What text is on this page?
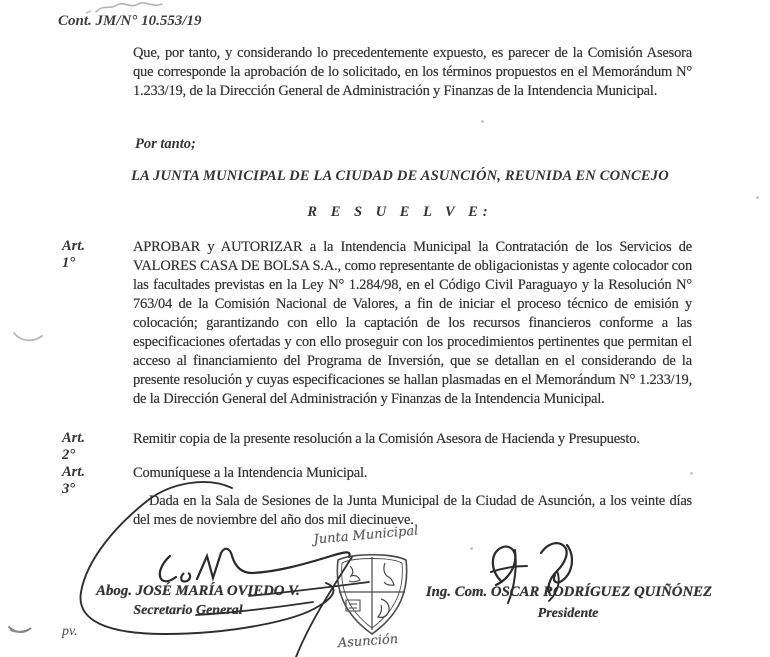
Cont. JM/N° 10.553/19
Que, por tanto, y considerando lo precedentemente expuesto, es parecer de la Comisión Asesora que corresponde la aprobación de lo solicitado, en los términos propuestos en el Memorándum N° 1.233/19, de la Dirección General de Administración y Finanzas de la Intendencia Municipal.
Por tanto;
LA JUNTA MUNICIPAL DE LA CIUDAD DE ASUNCIÓN, REUNIDA EN CONCEJO
R E S U E L V E:
Art. 1°
APROBAR y AUTORIZAR a la Intendencia Municipal la Contratación de los Servicios de VALORES CASA DE BOLSA S.A., como representante de obligacionistas y agente colocador con las facultades previstas en la Ley N° 1.284/98, en el Código Civil Paraguayo y la Resolución N° 763/04 de la Comisión Nacional de Valores, a fin de iniciar el proceso técnico de emisión y colocación; garantizando con ello la captación de los recursos financieros conforme a las especificaciones ofertadas y con ello proseguir con los procedimientos pertinentes que permitan el acceso al financiamiento del Programa de Inversión, que se detallan en el considerando de la presente resolución y cuyas especificaciones se hallan plasmadas en el Memorándum N° 1.233/19, de la Dirección General del Administración y Finanzas de la Intendencia Municipal.
Art. 2°
Remitir copia de la presente resolución a la Comisión Asesora de Hacienda y Presupuesto.
Art. 3°
Comuníquese a la Intendencia Municipal.
Dada en la Sala de Sesiones de la Junta Municipal de la Ciudad de Asunción, a los veinte días del mes de noviembre del año dos mil diecinueve.
Abog. JOSÉ MARÍA OVIEDO V.
Secretario General
pv.
Ing. Com. ÓSCAR RODRÍGUEZ QUIÑÓNEZ
Presidente
Junta Municipal
Asunción
